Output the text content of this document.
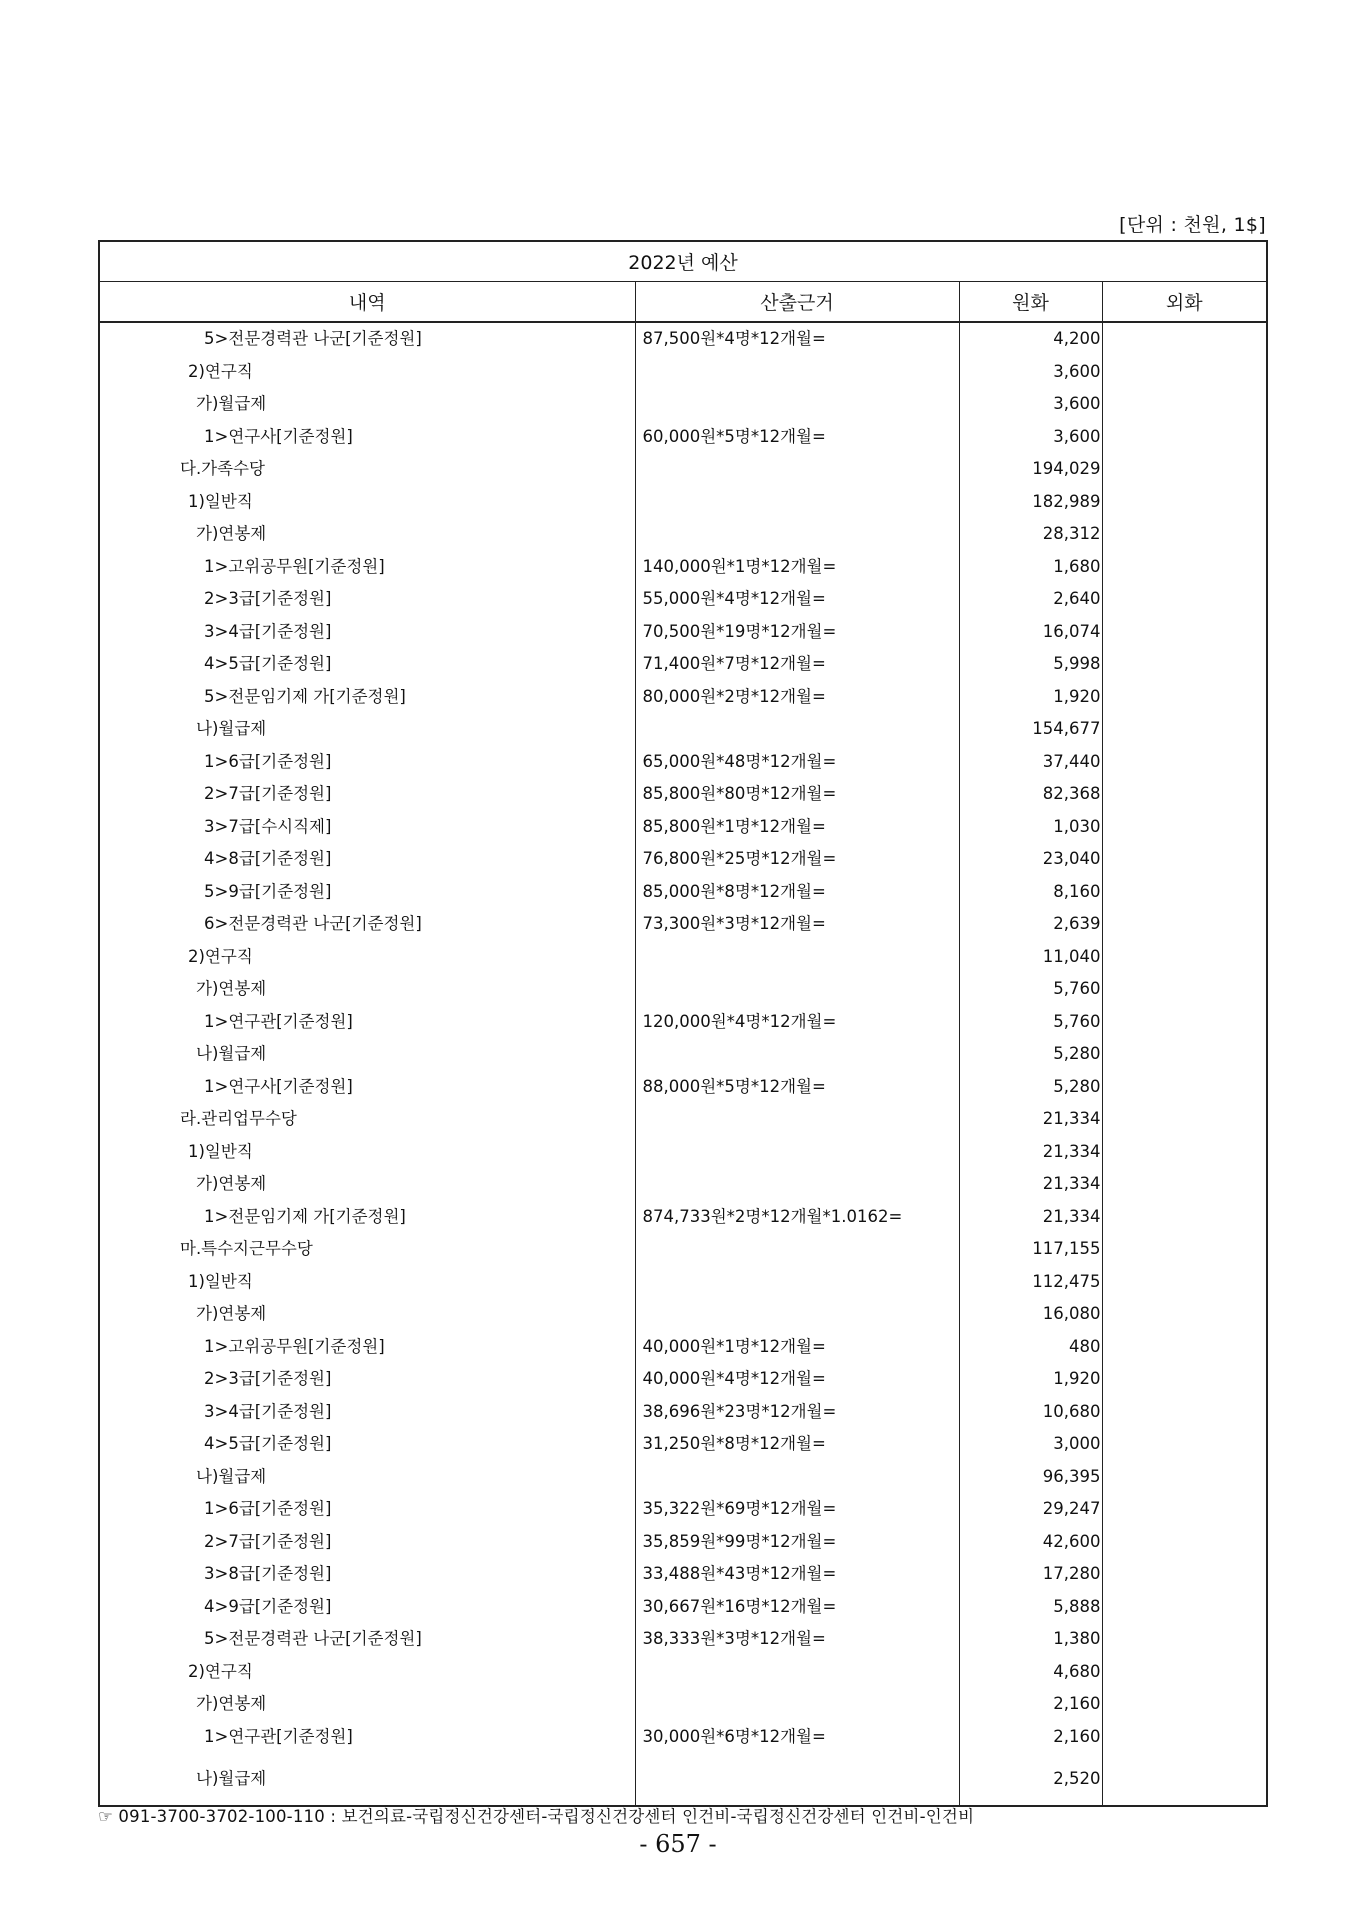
[단위 : 천원, 1$]
2022년 예산			
내역	산출근거	원화	외화
5>전문경력관 나군[기준정원]	87,500원*4명*12개월=	4,200	
2)연구직		3,600	
가)월급제		3,600	
1>연구사[기준정원]	60,000원*5명*12개월=	3,600	
다.가족수당		194,029	
1)일반직		182,989	
가)연봉제		28,312	
1>고위공무원[기준정원]	140,000원*1명*12개월=	1,680	
2>3급[기준정원]	55,000원*4명*12개월=	2,640	
3>4급[기준정원]	70,500원*19명*12개월=	16,074	
4>5급[기준정원]	71,400원*7명*12개월=	5,998	
5>전문임기제 가[기준정원]	80,000원*2명*12개월=	1,920	
나)월급제		154,677	
1>6급[기준정원]	65,000원*48명*12개월=	37,440	
2>7급[기준정원]	85,800원*80명*12개월=	82,368	
3>7급[수시직제]	85,800원*1명*12개월=	1,030	
4>8급[기준정원]	76,800원*25명*12개월=	23,040	
5>9급[기준정원]	85,000원*8명*12개월=	8,160	
6>전문경력관 나군[기준정원]	73,300원*3명*12개월=	2,639	
2)연구직		11,040	
가)연봉제		5,760	
1>연구관[기준정원]	120,000원*4명*12개월=	5,760	
나)월급제		5,280	
1>연구사[기준정원]	88,000원*5명*12개월=	5,280	
라.관리업무수당		21,334	
1)일반직		21,334	
가)연봉제		21,334	
1>전문임기제 가[기준정원]	874,733원*2명*12개월*1.0162=	21,334	
마.특수지근무수당		117,155	
1)일반직		112,475	
가)연봉제		16,080	
1>고위공무원[기준정원]	40,000원*1명*12개월=	480	
2>3급[기준정원]	40,000원*4명*12개월=	1,920	
3>4급[기준정원]	38,696원*23명*12개월=	10,680	
4>5급[기준정원]	31,250원*8명*12개월=	3,000	
나)월급제		96,395	
1>6급[기준정원]	35,322원*69명*12개월=	29,247	
2>7급[기준정원]	35,859원*99명*12개월=	42,600	
3>8급[기준정원]	33,488원*43명*12개월=	17,280	
4>9급[기준정원]	30,667원*16명*12개월=	5,888	
5>전문경력관 나군[기준정원]	38,333원*3명*12개월=	1,380	
2)연구직		4,680	
가)연봉제		2,160	
1>연구관[기준정원]	30,000원*6명*12개월=	2,160	
나)월급제		2,520	
☞ 091-3700-3702-100-110 : 보건의료-국립정신건강센터-국립정신건강센터 인건비-국립정신건강센터 인건비-인건비
- 657 -
